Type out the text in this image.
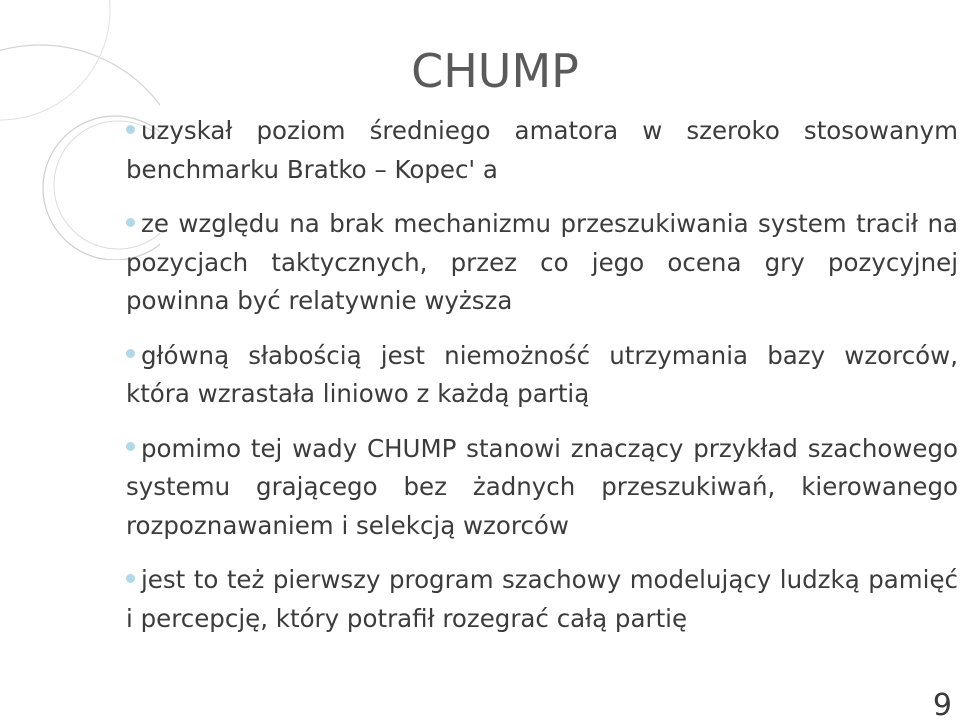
CHUMP
uzyskał poziom średniego amatora w szeroko stosowanym benchmarku Bratko – Kopec' a
ze względu na brak mechanizmu przeszukiwania system tracił na pozycjach taktycznych, przez co jego ocena gry pozycyjnej powinna być relatywnie wyższa
główną słabością jest niemożność utrzymania bazy wzorców, która wzrastała liniowo z każdą partią
pomimo tej wady CHUMP stanowi znaczący przykład szachowego systemu grającego bez żadnych przeszukiwań, kierowanego rozpoznawaniem i selekcją wzorców
jest to też pierwszy program szachowy modelujący ludzką pamięć i percepcję, który potrafił rozegrać całą partię
9
